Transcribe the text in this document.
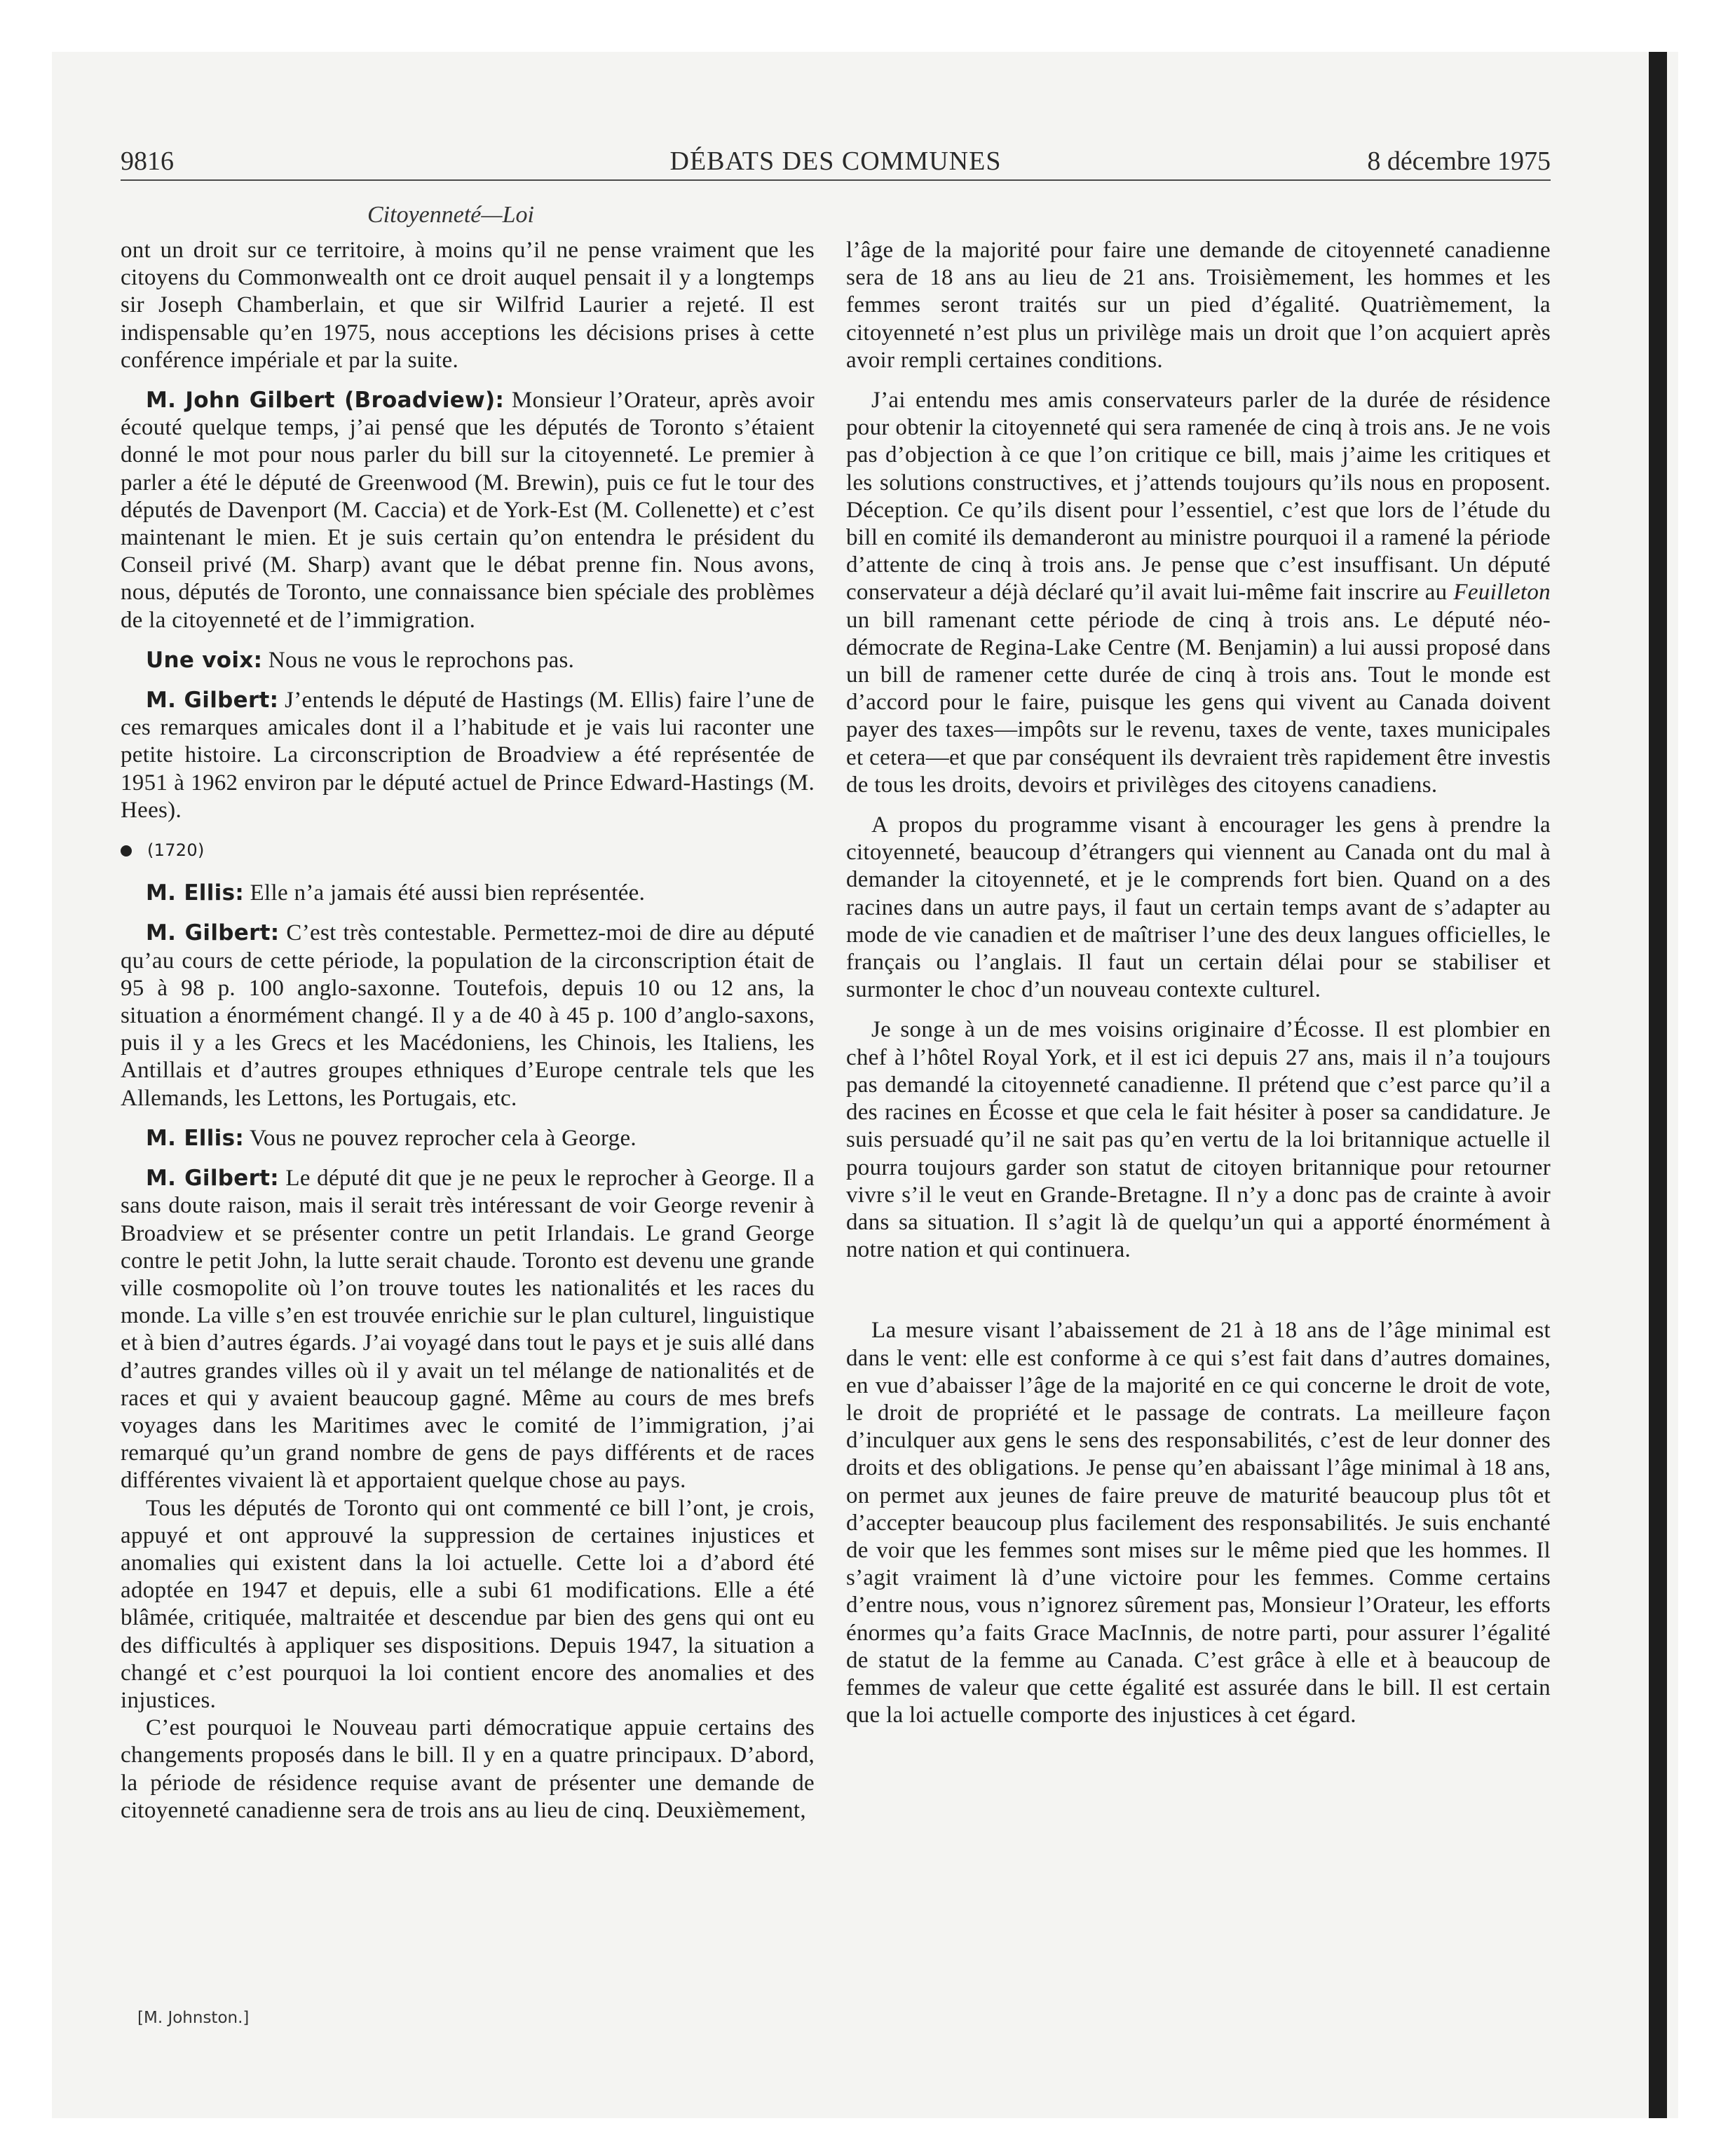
9816	DÉBATS DES COMMUNES	8 décembre 1975
Citoyenneté—Loi

ont un droit sur ce territoire, à moins qu’il ne pense vraiment que les citoyens du Commonwealth ont ce droit auquel pensait il y a longtemps sir Joseph Chamberlain, et que sir Wilfrid Laurier a rejeté. Il est indispensable qu’en 1975, nous acceptions les décisions prises à cette conférence impériale et par la suite.

M. John Gilbert (Broadview): Monsieur l’Orateur, après avoir écouté quelque temps, j’ai pensé que les députés de Toronto s’étaient donné le mot pour nous parler du bill sur la citoyenneté. Le premier à parler a été le député de Greenwood (M. Brewin), puis ce fut le tour des députés de Davenport (M. Caccia) et de York-Est (M. Collenette) et c’est maintenant le mien. Et je suis certain qu’on entendra le président du Conseil privé (M. Sharp) avant que le débat prenne fin. Nous avons, nous, députés de Toronto, une connaissance bien spéciale des problèmes de la citoyenneté et de l’immigration.

Une voix: Nous ne vous le reprochons pas.

M. Gilbert: J’entends le député de Hastings (M. Ellis) faire l’une de ces remarques amicales dont il a l’habitude et je vais lui raconter une petite histoire. La circonscription de Broadview a été représentée de 1951 à 1962 environ par le député actuel de Prince Edward-Hastings (M. Hees).

(1720)

M. Ellis: Elle n’a jamais été aussi bien représentée.

M. Gilbert: C’est très contestable. Permettez-moi de dire au député qu’au cours de cette période, la population de la circonscription était de 95 à 98 p. 100 anglo-saxonne. Toutefois, depuis 10 ou 12 ans, la situation a énormément changé. Il y a de 40 à 45 p. 100 d’anglo-saxons, puis il y a les Grecs et les Macédoniens, les Chinois, les Italiens, les Antillais et d’autres groupes ethniques d’Europe centrale tels que les Allemands, les Lettons, les Portugais, etc.

M. Ellis: Vous ne pouvez reprocher cela à George.

M. Gilbert: Le député dit que je ne peux le reprocher à George. Il a sans doute raison, mais il serait très intéressant de voir George revenir à Broadview et se présenter contre un petit Irlandais. Le grand George contre le petit John, la lutte serait chaude. Toronto est devenu une grande ville cosmopolite où l’on trouve toutes les nationalités et les races du monde. La ville s’en est trouvée enrichie sur le plan culturel, linguistique et à bien d’autres égards. J’ai voyagé dans tout le pays et je suis allé dans d’autres grandes villes où il y avait un tel mélange de nationalités et de races et qui y avaient beaucoup gagné. Même au cours de mes brefs voyages dans les Maritimes avec le comité de l’immigration, j’ai remarqué qu’un grand nombre de gens de pays différents et de races différentes vivaient là et apportaient quelque chose au pays.

Tous les députés de Toronto qui ont commenté ce bill l’ont, je crois, appuyé et ont approuvé la suppression de certaines injustices et anomalies qui existent dans la loi actuelle. Cette loi a d’abord été adoptée en 1947 et depuis, elle a subi 61 modifications. Elle a été blâmée, critiquée, maltraitée et descendue par bien des gens qui ont eu des difficultés à appliquer ses dispositions. Depuis 1947, la situation a changé et c’est pourquoi la loi contient encore des anomalies et des injustices.

C’est pourquoi le Nouveau parti démocratique appuie certains des changements proposés dans le bill. Il y en a quatre principaux. D’abord, la période de résidence requise avant de présenter une demande de citoyenneté canadienne sera de trois ans au lieu de cinq. Deuxièmement,

l’âge de la majorité pour faire une demande de citoyenneté canadienne sera de 18 ans au lieu de 21 ans. Troisièmement, les hommes et les femmes seront traités sur un pied d’égalité. Quatrièmement, la citoyenneté n’est plus un privilège mais un droit que l’on acquiert après avoir rempli certaines conditions.

J’ai entendu mes amis conservateurs parler de la durée de résidence pour obtenir la citoyenneté qui sera ramenée de cinq à trois ans. Je ne vois pas d’objection à ce que l’on critique ce bill, mais j’aime les critiques et les solutions constructives, et j’attends toujours qu’ils nous en proposent. Déception. Ce qu’ils disent pour l’essentiel, c’est que lors de l’étude du bill en comité ils demanderont au ministre pourquoi il a ramené la période d’attente de cinq à trois ans. Je pense que c’est insuffisant. Un député conservateur a déjà déclaré qu’il avait lui-même fait inscrire au Feuilleton un bill ramenant cette période de cinq à trois ans. Le député néo-démocrate de Regina-Lake Centre (M. Benjamin) a lui aussi proposé dans un bill de ramener cette durée de cinq à trois ans. Tout le monde est d’accord pour le faire, puisque les gens qui vivent au Canada doivent payer des taxes—impôts sur le revenu, taxes de vente, taxes municipales et cetera—et que par conséquent ils devraient très rapidement être investis de tous les droits, devoirs et privilèges des citoyens canadiens.

A propos du programme visant à encourager les gens à prendre la citoyenneté, beaucoup d’étrangers qui viennent au Canada ont du mal à demander la citoyenneté, et je le comprends fort bien. Quand on a des racines dans un autre pays, il faut un certain temps avant de s’adapter au mode de vie canadien et de maîtriser l’une des deux langues officielles, le français ou l’anglais. Il faut un certain délai pour se stabiliser et surmonter le choc d’un nouveau contexte culturel.

Je songe à un de mes voisins originaire d’Écosse. Il est plombier en chef à l’hôtel Royal York, et il est ici depuis 27 ans, mais il n’a toujours pas demandé la citoyenneté canadienne. Il prétend que c’est parce qu’il a des racines en Écosse et que cela le fait hésiter à poser sa candidature. Je suis persuadé qu’il ne sait pas qu’en vertu de la loi britannique actuelle il pourra toujours garder son statut de citoyen britannique pour retourner vivre s’il le veut en Grande-Bretagne. Il n’y a donc pas de crainte à avoir dans sa situation. Il s’agit là de quelqu’un qui a apporté énormément à notre nation et qui continuera.

La mesure visant l’abaissement de 21 à 18 ans de l’âge minimal est dans le vent: elle est conforme à ce qui s’est fait dans d’autres domaines, en vue d’abaisser l’âge de la majorité en ce qui concerne le droit de vote, le droit de propriété et le passage de contrats. La meilleure façon d’inculquer aux gens le sens des responsabilités, c’est de leur donner des droits et des obligations. Je pense qu’en abaissant l’âge minimal à 18 ans, on permet aux jeunes de faire preuve de maturité beaucoup plus tôt et d’accepter beaucoup plus facilement des responsabilités. Je suis enchanté de voir que les femmes sont mises sur le même pied que les hommes. Il s’agit vraiment là d’une victoire pour les femmes. Comme certains d’entre nous, vous n’ignorez sûrement pas, Monsieur l’Orateur, les efforts énormes qu’a faits Grace MacInnis, de notre parti, pour assurer l’égalité de statut de la femme au Canada. C’est grâce à elle et à beaucoup de femmes de valeur que cette égalité est assurée dans le bill. Il est certain que la loi actuelle comporte des injustices à cet égard.

[M. Johnston.]
